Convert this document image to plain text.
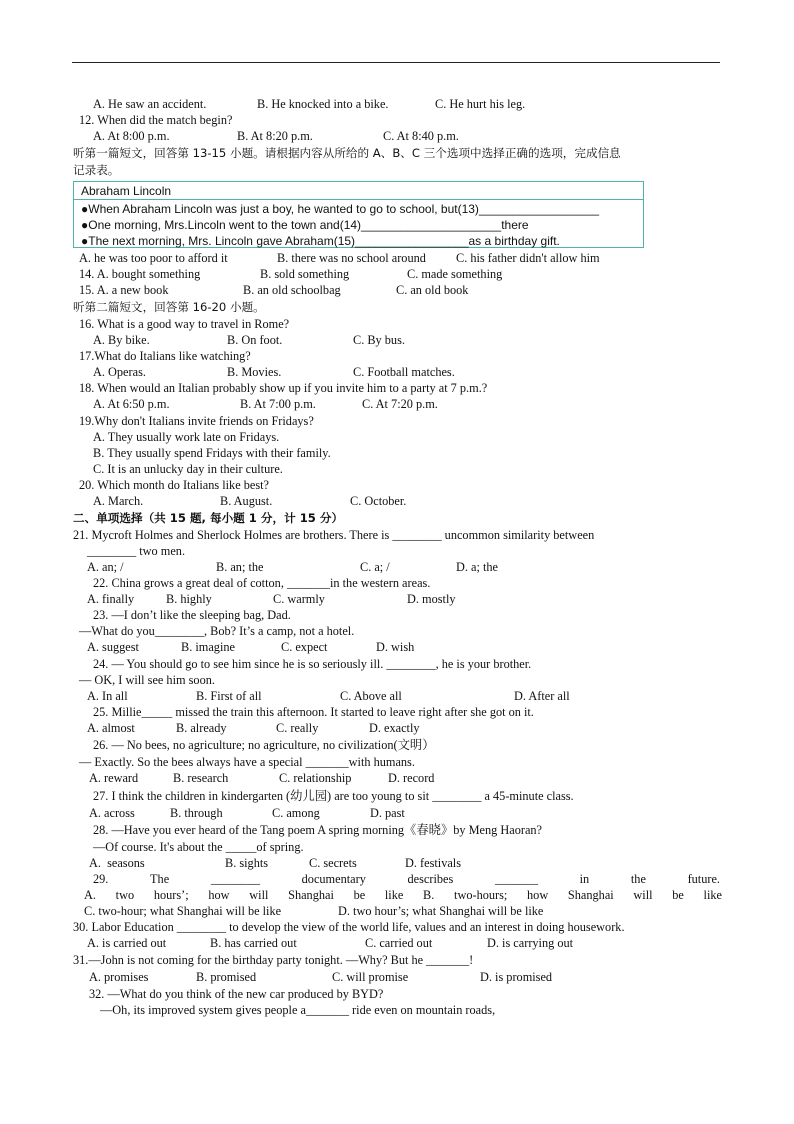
A. He saw an accident.	B. He knocked into a bike.	C. He hurt his leg.
12. When did the match begin?
A. At 8:00 p.m.	B. At 8:20 p.m.	C. At 8:40 p.m.
听第一篇短文，回答第 13-15 小题。请根据内容从所给的 A、B、C 三个选项中选择正确的选项，完成信息
记录表。
Abraham Lincoln
●When Abraham Lincoln was just a boy, he wanted to go to school, but(13)__________________
●One morning, Mrs.Lincoln went to the town and(14)_____________________there
●The next morning, Mrs. Lincoln gave Abraham(15)_________________as a birthday gift.
A. he was too poor to afford it	B. there was no school around C. his father didn't allow him
14. A. bought something	B. sold something	C. made something
15. A. a new book	B. an old schoolbag	C. an old book
听第二篇短文，回答第 16-20 小题。
16. What is a good way to travel in Rome?
A. By bike.	B. On foot.	C. By bus.
17.What do Italians like watching?
A. Operas.	B. Movies.	C. Football matches.
18. When would an Italian probably show up if you invite him to a party at 7 p.m.?
A. At 6:50 p.m.	B. At 7:00 p.m.	C. At 7:20 p.m.
19.Why don't Italians invite friends on Fridays?
A. They usually work late on Fridays.
B. They usually spend Fridays with their family.
C. It is an unlucky day in their culture.
20. Which month do Italians like best?
A. March.	B. August.	C. October.
二、单项选择（共 15 题, 每小题 1 分，计 15 分）
21. Mycroft Holmes and Sherlock Holmes are brothers. There is ________ uncommon similarity between
________ two men.
A. an; /	B. an; the	C. a; /	D. a; the
22. China grows a great deal of cotton, _______in the western areas.
A. finally	B. highly	C. warmly	D. mostly
23. —I don’t like the sleeping bag, Dad.
—What do you________, Bob? It’s a camp, not a hotel.
A. suggest	B. imagine	C. expect	D. wish
24. — You should go to see him since he is so seriously ill. ________, he is your brother.
— OK, I will see him soon.
A. In all	B. First of all	C. Above all	D. After all
25. Millie_____ missed the train this afternoon. It started to leave right after she got on it.
A. almost	B. already	C. really	D. exactly
26. — No bees, no agriculture; no agriculture, no civilization(文明）
— Exactly. So the bees always have a special _______with humans.
A. reward	B. research	C. relationship	D. record
27. I think the children in kindergarten (幼儿园) are too young to sit ________ a 45-minute class.
A. across	B. through	C. among	D. past
28. —Have you ever heard of the Tang poem A spring morning《春晓》by Meng Haoran?
—Of course. It's about the _____of spring.
A.  seasons	B. sights	C. secrets	D. festivals
29.	The	________	documentary	describes	_______	in	the	future.
A. two hours’; how will Shanghai be like B. two-hours; how Shanghai will be like
C. two-hour; what Shanghai will be like	D. two hour’s; what Shanghai will be like
30. Labor Education ________ to develop the view of the world life, values and an interest in doing housework.
A. is carried out	B. has carried out	C. carried out	D. is carrying out
31.—John is not coming for the birthday party tonight. —Why? But he _______!
A. promises	B. promised	C. will promise	D. is promised
32. —What do you think of the new car produced by BYD?
—Oh, its improved system gives people a_______ ride even on mountain roads,
